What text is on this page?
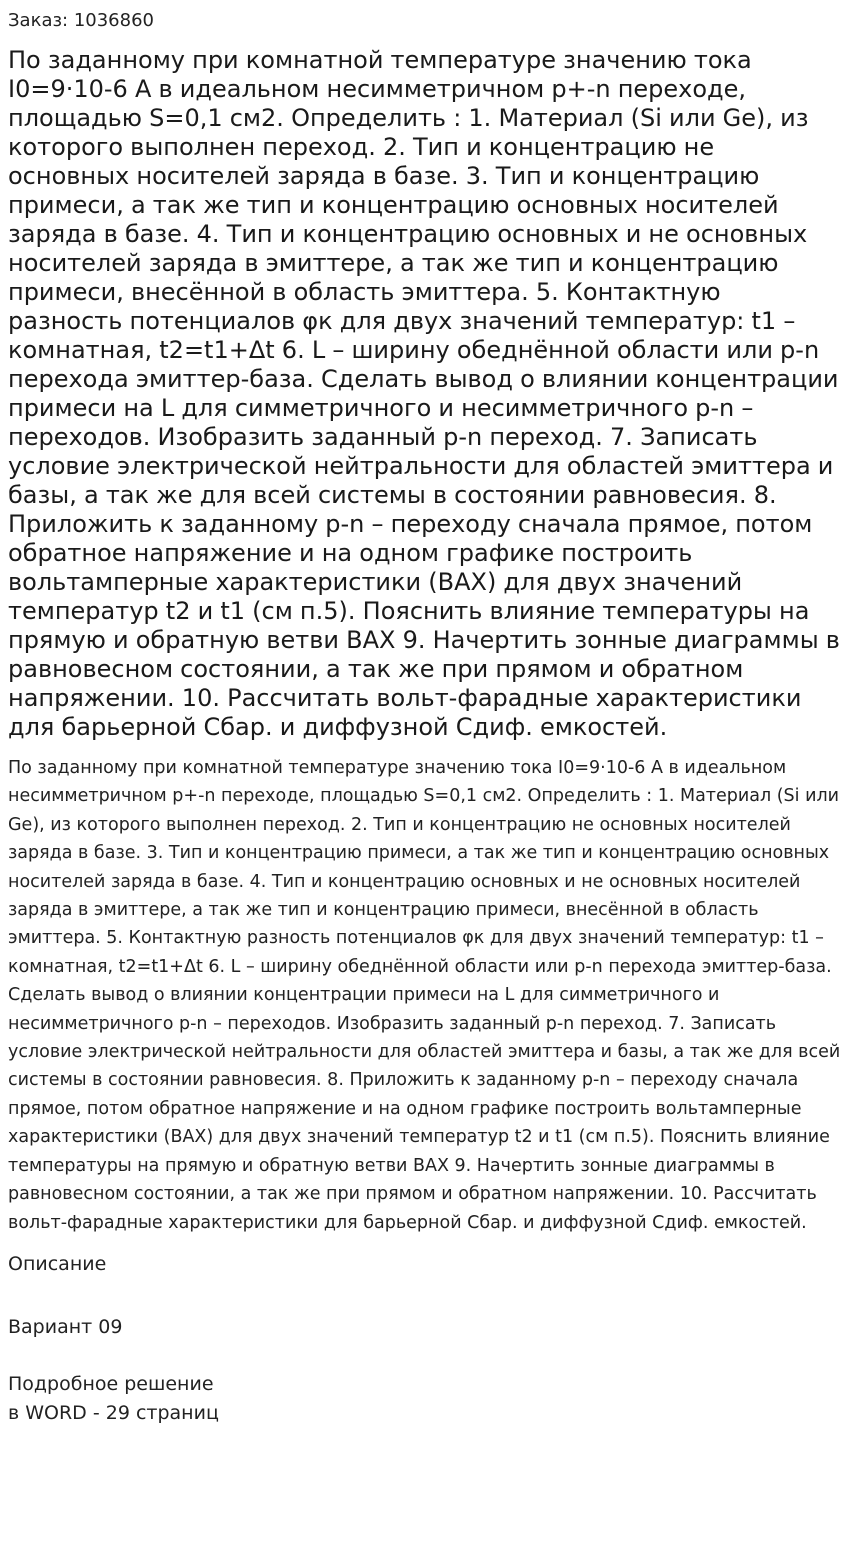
Заказ: 1036860
По заданному при комнатной температуре значению тока I0=9·10-6 А в идеальном несимметричном p+-n переходе, площадью S=0,1 см2. Определить : 1. Материал (Si или Ge), из которого выполнен переход. 2. Тип и концентрацию не основных носителей заряда в базе. 3. Тип и концентрацию примеси, а так же тип и концентрацию основных носителей заряда в базе. 4. Тип и концентрацию основных и не основных носителей заряда в эмиттере, а так же тип и концентрацию примеси, внесённой в область эмиттера. 5. Контактную разность потенциалов φк для двух значений температур: t1 – комнатная, t2=t1+Δt 6. L – ширину обеднённой области или p-n перехода эмиттер-база. Сделать вывод о влиянии концентрации примеси на L для симметричного и несимметричного p-n – переходов. Изобразить заданный p-n переход. 7. Записать условие электрической нейтральности для областей эмиттера и базы, а так же для всей системы в состоянии равновесия. 8. Приложить к заданному p-n – переходу сначала прямое, потом обратное напряжение и на одном графике построить вольтамперные характеристики (ВАХ) для двух значений температур t2 и t1 (см п.5). Пояснить влияние температуры на прямую и обратную ветви ВАХ 9. Начертить зонные диаграммы в равновесном состоянии, а так же при прямом и обратном напряжении. 10. Рассчитать вольт-фарадные характеристики для барьерной Сбар. и диффузной Сдиф. емкостей.

По заданному при комнатной температуре значению тока I0=9·10-6 А в идеальном несимметричном p+-n переходе, площадью S=0,1 см2. Определить : 1. Материал (Si или Ge), из которого выполнен переход. 2. Тип и концентрацию не основных носителей заряда в базе. 3. Тип и концентрацию примеси, а так же тип и концентрацию основных носителей заряда в базе. 4. Тип и концентрацию основных и не основных носителей заряда в эмиттере, а так же тип и концентрацию примеси, внесённой в область эмиттера. 5. Контактную разность потенциалов φк для двух значений температур: t1 – комнатная, t2=t1+Δt 6. L – ширину обеднённой области или p-n перехода эмиттер-база. Сделать вывод о влиянии концентрации примеси на L для симметричного и несимметричного p-n – переходов. Изобразить заданный p-n переход. 7. Записать условие электрической нейтральности для областей эмиттера и базы, а так же для всей системы в состоянии равновесия. 8. Приложить к заданному p-n – переходу сначала прямое, потом обратное напряжение и на одном графике построить вольтамперные характеристики (ВАХ) для двух значений температур t2 и t1 (см п.5). Пояснить влияние температуры на прямую и обратную ветви ВАХ 9. Начертить зонные диаграммы в равновесном состоянии, а так же при прямом и обратном напряжении. 10. Рассчитать вольт-фарадные характеристики для барьерной Сбар. и диффузной Сдиф. емкостей.

Описание

Вариант 09

Подробное решение

в WORD - 29 страниц
